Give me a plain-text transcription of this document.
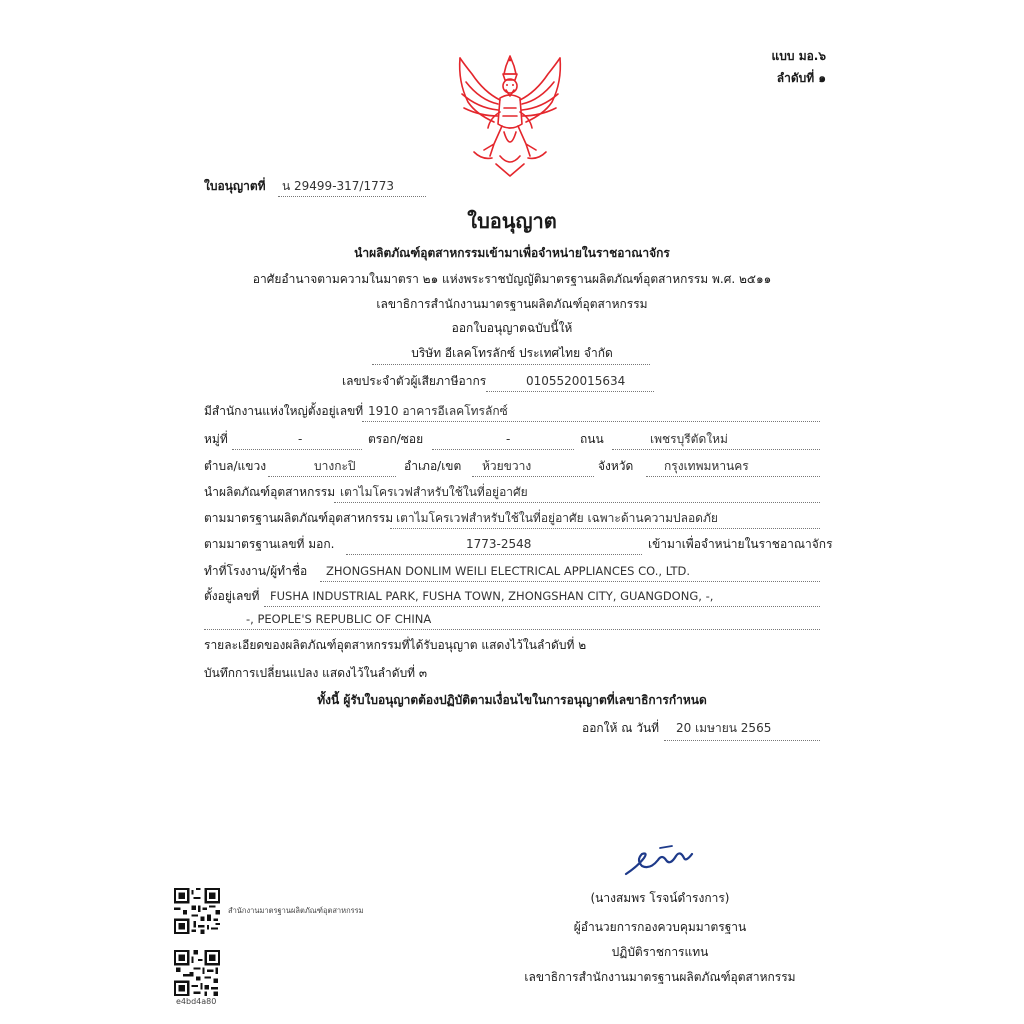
แบบ มอ.๖
ลำดับที่ ๑
ใบอนุญาตที่ น 29499-317/1773
ใบอนุญาต
นำผลิตภัณฑ์อุตสาหกรรมเข้ามาเพื่อจำหน่ายในราชอาณาจักร
อาศัยอำนาจตามความในมาตรา ๒๑ แห่งพระราชบัญญัติมาตรฐานผลิตภัณฑ์อุตสาหกรรม พ.ศ. ๒๕๑๑
เลขาธิการสำนักงานมาตรฐานผลิตภัณฑ์อุตสาหกรรม
ออกใบอนุญาตฉบับนี้ให้
บริษัท อีเลคโทรลักซ์ ประเทศไทย จำกัด
เลขประจำตัวผู้เสียภาษีอากร	0105520015634
มีสำนักงานแห่งใหญ่ตั้งอยู่เลขที่ 1910 อาคารอีเลคโทรลักซ์
หมู่ที่	-	ตรอก/ซอย	-	ถนน	เพชรบุรีตัดใหม่
ตำบล/แขวง	บางกะปิ	อำเภอ/เขต ห้วยขวาง	จังหวัด	กรุงเทพมหานคร
นำผลิตภัณฑ์อุตสาหกรรม เตาไมโครเวฟสำหรับใช้ในที่อยู่อาศัย
ตามมาตรฐานผลิตภัณฑ์อุตสาหกรรม เตาไมโครเวฟสำหรับใช้ในที่อยู่อาศัย เฉพาะด้านความปลอดภัย
ตามมาตรฐานเลขที่ มอก.	1773-2548	เข้ามาเพื่อจำหน่ายในราชอาณาจักร
ทำที่โรงงาน/ผู้ทำชื่อ ZHONGSHAN DONLIM WEILI ELECTRICAL APPLIANCES CO., LTD.
ตั้งอยู่เลขที่ FUSHA INDUSTRIAL PARK, FUSHA TOWN, ZHONGSHAN CITY, GUANGDONG, -,
-, PEOPLE'S REPUBLIC OF CHINA
รายละเอียดของผลิตภัณฑ์อุตสาหกรรมที่ได้รับอนุญาต แสดงไว้ในลำดับที่ ๒
บันทึกการเปลี่ยนแปลง แสดงไว้ในลำดับที่ ๓
ทั้งนี้ ผู้รับใบอนุญาตต้องปฏิบัติตามเงื่อนไขในการอนุญาตที่เลขาธิการกำหนด
ออกให้ ณ วันที่ 20 เมษายน 2565
(นางสมพร โรจน์ดำรงการ)
ผู้อำนวยการกองควบคุมมาตรฐาน
ปฏิบัติราชการแทน
เลขาธิการสำนักงานมาตรฐานผลิตภัณฑ์อุตสาหกรรม
สำนักงานมาตรฐานผลิตภัณฑ์อุตสาหกรรม
e4bd4a80
